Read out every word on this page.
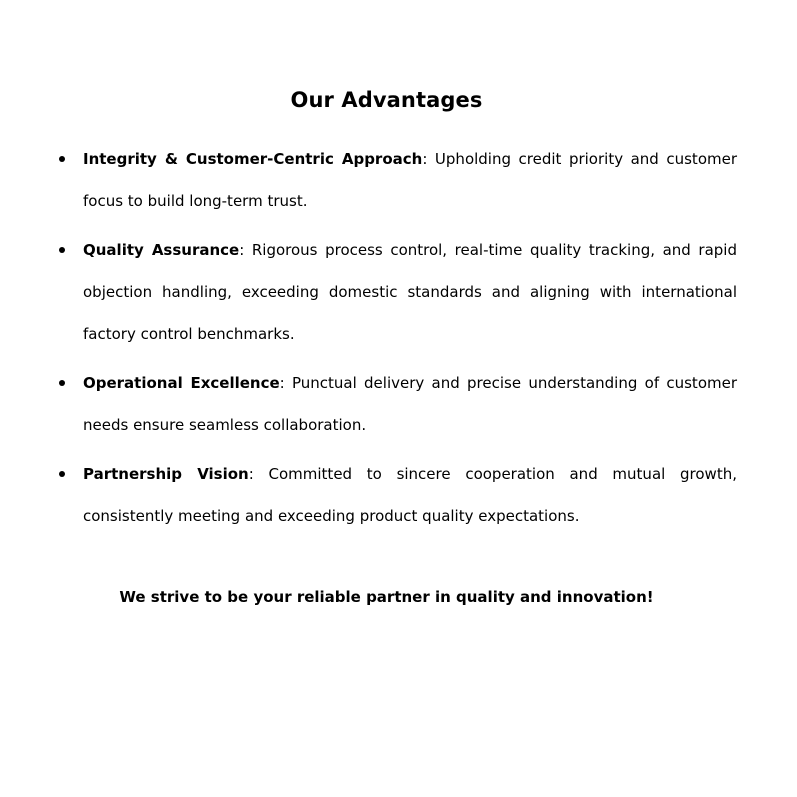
Our Advantages
Integrity & Customer-Centric Approach: Upholding credit priority and customer focus to build long-term trust.
Quality Assurance: Rigorous process control, real-time quality tracking, and rapid objection handling, exceeding domestic standards and aligning with international factory control benchmarks.
Operational Excellence: Punctual delivery and precise understanding of customer needs ensure seamless collaboration.
Partnership Vision: Committed to sincere cooperation and mutual growth, consistently meeting and exceeding product quality expectations.

We strive to be your reliable partner in quality and innovation!
